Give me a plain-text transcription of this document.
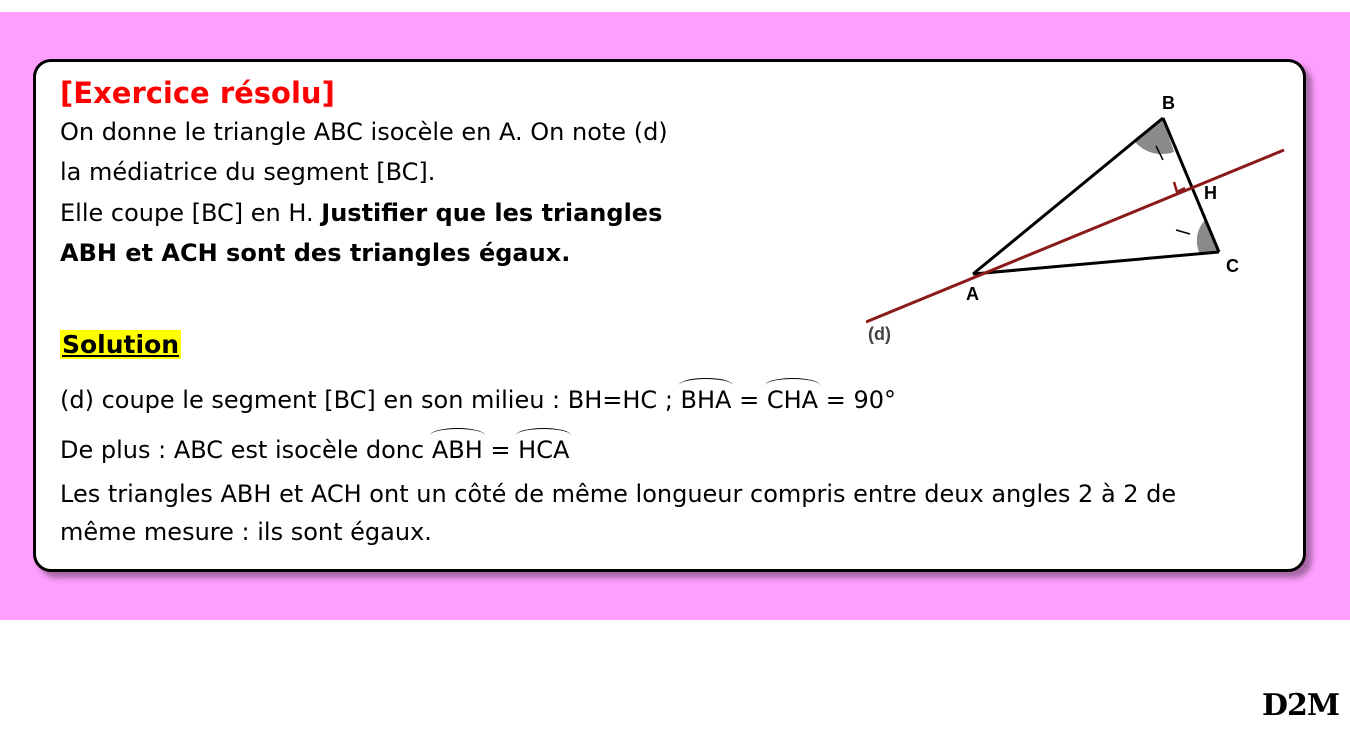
[Exercice résolu]
On donne le triangle ABC isocèle en A. On note (d)
la médiatrice du segment [BC].
Elle coupe [BC] en H. Justifier que les triangles
ABH et ACH sont des triangles égaux.
Solution
(d) coupe le segment [BC] en son milieu : BH=HC ; BHA = CHA = 90°
De plus : ABC est isocèle donc ABH = HCA
Les triangles ABH et ACH ont un côté de même longueur compris entre deux angles 2 à 2 de
même mesure : ils sont égaux.
B
H
C
A
(d)
D2M
